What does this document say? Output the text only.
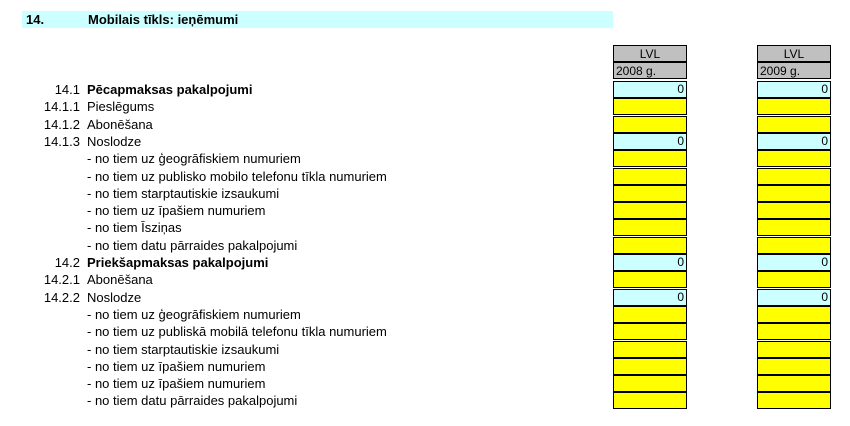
14.	Mobilais tīkls: ieņēmumi
14.1 Pēcapmaksas pakalpojumi
14.1.1 Pieslēgums
14.1.2 Abonēšana
14.1.3 Noslodze
- no tiem uz ģeogrāfiskiem numuriem
- no tiem uz publisko mobilo telefonu tīkla numuriem
- no tiem starptautiskie izsaukumi
- no tiem uz īpašiem numuriem
- no tiem Īsziņas
- no tiem datu pārraides pakalpojumi
14.2 Priekšapmaksas pakalpojumi
14.2.1 Abonēšana
14.2.2 Noslodze
- no tiem uz ģeogrāfiskiem numuriem
- no tiem uz publiskā mobilā telefonu tīkla numuriem
- no tiem starptautiskie izsaukumi
- no tiem uz īpašiem numuriem
- no tiem uz īpašiem numuriem
- no tiem datu pārraides pakalpojumi
LVL
2008 g.
0
0
0
0
LVL
2009 g.
0
0
0
0
